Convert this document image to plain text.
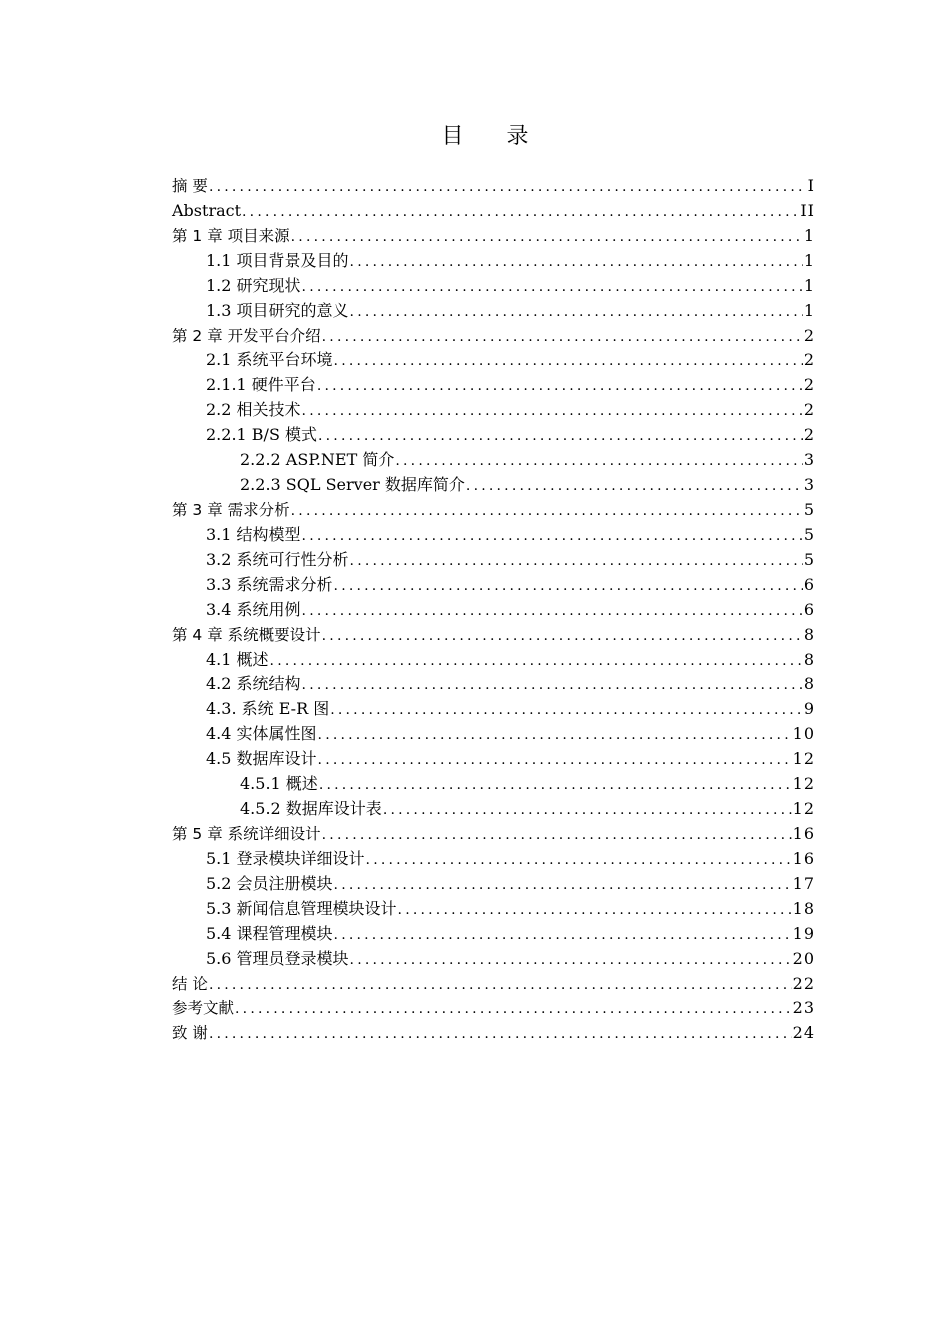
目 录
摘 要 .....	I
Abstract .....	II
第 1 章 项目来源 .....	1
1.1 项目背景及目的 .....	1
1.2 研究现状 .....	1
1.3 项目研究的意义 .....	1
第 2 章 开发平台介绍 .....	2
2.1 系统平台环境 .....	2
2.1.1 硬件平台 .....	2
2.2 相关技术 .....	2
2.2.1 B/S 模式 .....	2
2.2.2 ASP.NET 简介 .....	3
2.2.3 SQL Server 数据库简介 .....	3
第 3 章 需求分析 .....	5
3.1 结构模型 .....	5
3.2 系统可行性分析 .....	5
3.3 系统需求分析 .....	6
3.4 系统用例 .....	6
第 4 章 系统概要设计 .....	8
4.1 概述 .....	8
4.2 系统结构 .....	8
4.3. 系统 E-R 图 .....	9
4.4 实体属性图 .....	10
4.5 数据库设计 .....	12
4.5.1 概述 .....	12
4.5.2 数据库设计表 .....	12
第 5 章 系统详细设计 .....	16
5.1 登录模块详细设计 .....	16
5.2 会员注册模块 .....	17
5.3 新闻信息管理模块设计 .....	18
5.4 课程管理模块 .....	19
5.6 管理员登录模块 .....	20
结 论 .....	22
参考文献 .....	23
致 谢 .....	24
